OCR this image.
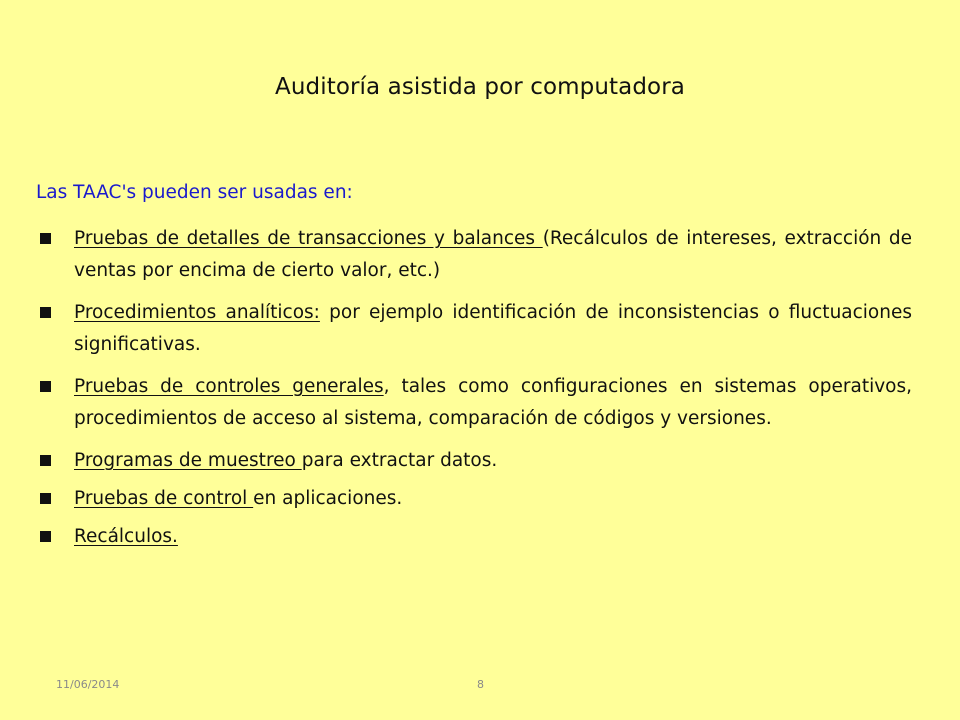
Auditoría asistida por computadora
Las TAAC's pueden ser usadas en:
Pruebas de detalles de transacciones y balances (Recálculos de intereses, extracción de ventas por encima de cierto valor, etc.)
Procedimientos analíticos: por ejemplo identificación de inconsistencias o fluctuaciones significativas.
Pruebas de controles generales, tales como configuraciones en sistemas operativos, procedimientos de acceso al sistema, comparación de códigos y versiones.
Programas de muestreo para extractar datos.
Pruebas de control en aplicaciones.
Recálculos.
11/06/2014	8
